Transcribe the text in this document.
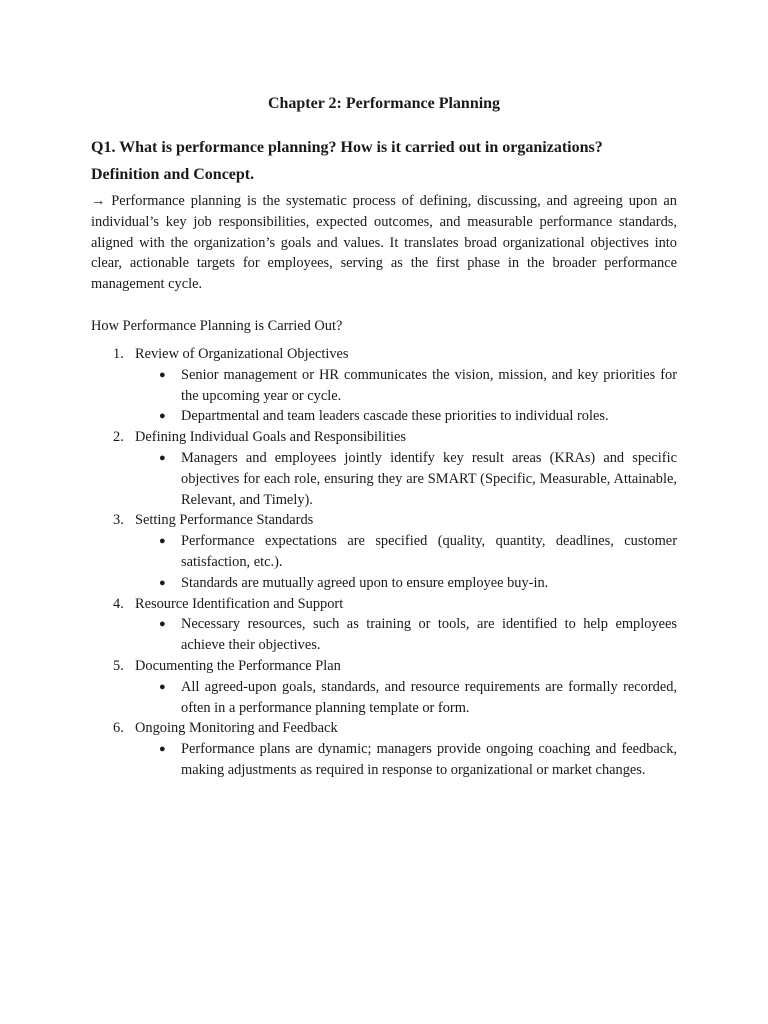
Chapter 2: Performance Planning
Q1. What is performance planning? How is it carried out in organizations?
Definition and Concept.
→ Performance planning is the systematic process of defining, discussing, and agreeing upon an individual’s key job responsibilities, expected outcomes, and measurable performance standards, aligned with the organization’s goals and values. It translates broad organizational objectives into clear, actionable targets for employees, serving as the first phase in the broader performance management cycle.
How Performance Planning is Carried Out?
1. Review of Organizational Objectives
● Senior management or HR communicates the vision, mission, and key priorities for the upcoming year or cycle.
● Departmental and team leaders cascade these priorities to individual roles.
2. Defining Individual Goals and Responsibilities
● Managers and employees jointly identify key result areas (KRAs) and specific objectives for each role, ensuring they are SMART (Specific, Measurable, Attainable, Relevant, and Timely).
3. Setting Performance Standards
● Performance expectations are specified (quality, quantity, deadlines, customer satisfaction, etc.).
● Standards are mutually agreed upon to ensure employee buy-in.
4. Resource Identification and Support
● Necessary resources, such as training or tools, are identified to help employees achieve their objectives.
5. Documenting the Performance Plan
● All agreed-upon goals, standards, and resource requirements are formally recorded, often in a performance planning template or form.
6. Ongoing Monitoring and Feedback
● Performance plans are dynamic; managers provide ongoing coaching and feedback, making adjustments as required in response to organizational or market changes.
